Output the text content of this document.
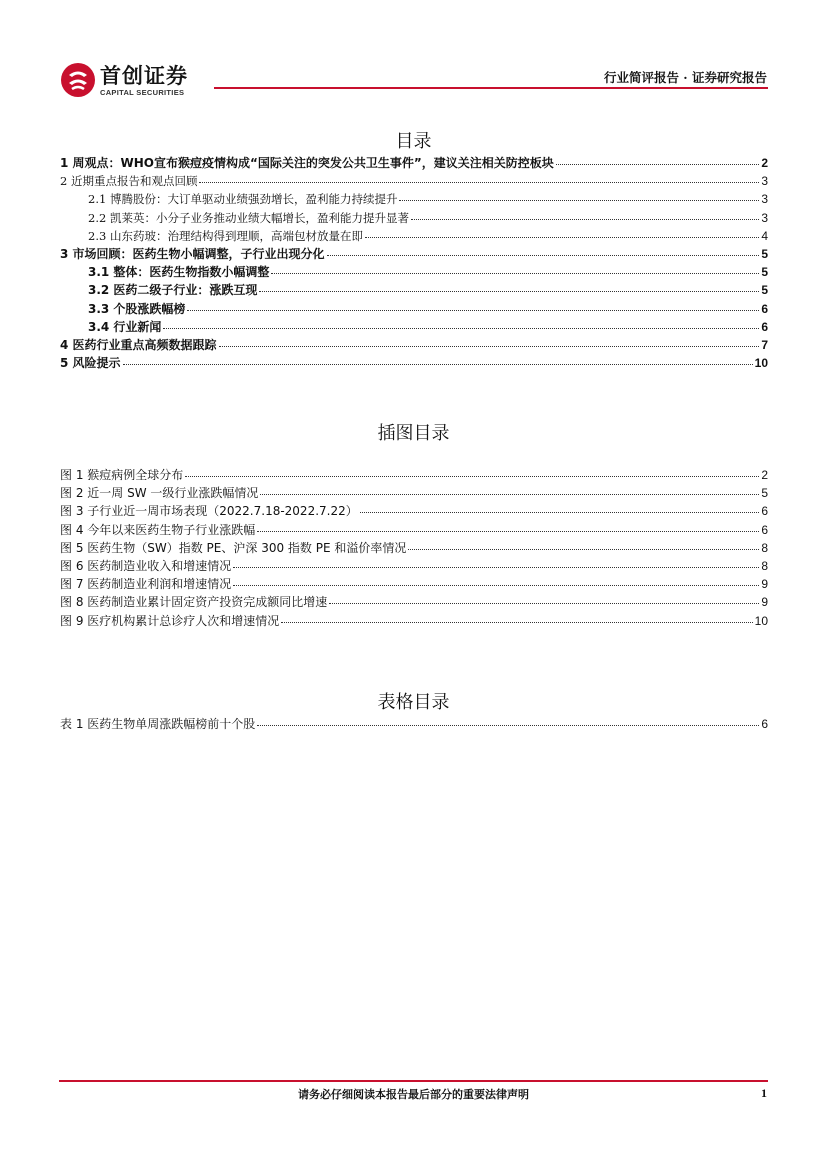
首创证券
CAPITAL SECURITIES
行业简评报告 · 证券研究报告
目录
1 周观点：WHO宣布猴痘疫情构成“国际关注的突发公共卫生事件”，建议关注相关防控板块	2
2 近期重点报告和观点回顾	3
2.1 博腾股份：大订单驱动业绩强劲增长，盈利能力持续提升	3
2.2 凯莱英：小分子业务推动业绩大幅增长，盈利能力提升显著	3
2.3 山东药玻：治理结构得到理顺，高端包材放量在即	4
3 市场回顾：医药生物小幅调整，子行业出现分化	5
3.1 整体：医药生物指数小幅调整	5
3.2 医药二级子行业：涨跌互现	5
3.3 个股涨跌幅榜	6
3.4 行业新闻	6
4 医药行业重点高频数据跟踪	7
5 风险提示	10
插图目录
图 1 猴痘病例全球分布	2
图 2 近一周 SW 一级行业涨跌幅情况	5
图 3 子行业近一周市场表现（2022.7.18-2022.7.22）	6
图 4 今年以来医药生物子行业涨跌幅	6
图 5 医药生物（SW）指数 PE、沪深 300 指数 PE 和溢价率情况	8
图 6 医药制造业收入和增速情况	8
图 7 医药制造业利润和增速情况	9
图 8 医药制造业累计固定资产投资完成额同比增速	9
图 9 医疗机构累计总诊疗人次和增速情况	10
表格目录
表 1 医药生物单周涨跌幅榜前十个股	6
请务必仔细阅读本报告最后部分的重要法律声明	1
